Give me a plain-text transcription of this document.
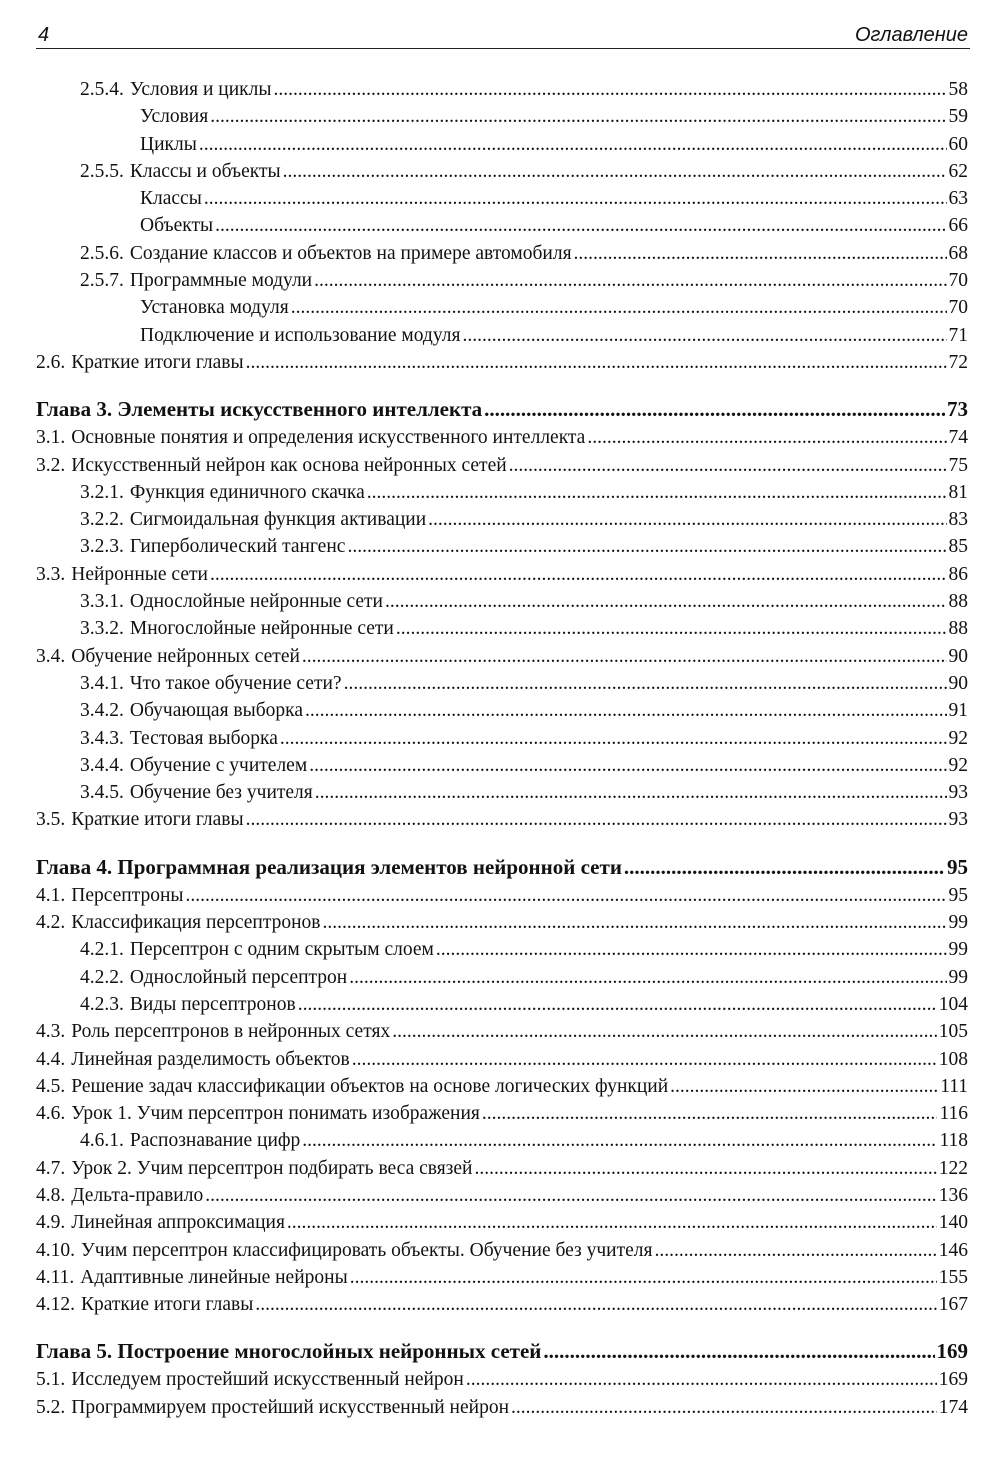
4	Оглавление
2.5.4. Условия и циклы .....	58
Условия .....	59
Циклы .....	60
2.5.5. Классы и объекты .....	62
Классы .....	63
Объекты .....	66
2.5.6. Создание классов и объектов на примере автомобиля .....	68
2.5.7. Программные модули .....	70
Установка модуля .....	70
Подключение и использование модуля .....	71
2.6. Краткие итоги главы .....	72
Глава 3. Элементы искусственного интеллекта .....	73
3.1. Основные понятия и определения искусственного интеллекта .....	74
3.2. Искусственный нейрон как основа нейронных сетей .....	75
3.2.1. Функция единичного скачка .....	81
3.2.2. Сигмоидальная функция активации .....	83
3.2.3. Гиперболический тангенс .....	85
3.3. Нейронные сети .....	86
3.3.1. Однослойные нейронные сети .....	88
3.3.2. Многослойные нейронные сети .....	88
3.4. Обучение нейронных сетей .....	90
3.4.1. Что такое обучение сети? .....	90
3.4.2. Обучающая выборка .....	91
3.4.3. Тестовая выборка .....	92
3.4.4. Обучение с учителем .....	92
3.4.5. Обучение без учителя .....	93
3.5. Краткие итоги главы .....	93
Глава 4. Программная реализация элементов нейронной сети .....	95
4.1. Персептроны .....	95
4.2. Классификация персептронов .....	99
4.2.1. Персептрон с одним скрытым слоем .....	99
4.2.2. Однослойный персептрон .....	99
4.2.3. Виды персептронов .....	104
4.3. Роль персептронов в нейронных сетях .....	105
4.4. Линейная разделимость объектов .....	108
4.5. Решение задач классификации объектов на основе логических функций .....	111
4.6. Урок 1. Учим персептрон понимать изображения .....	116
4.6.1. Распознавание цифр .....	118
4.7. Урок 2. Учим персептрон подбирать веса связей .....	122
4.8. Дельта-правило .....	136
4.9. Линейная аппроксимация .....	140
4.10. Учим персептрон классифицировать объекты. Обучение без учителя .....	146
4.11. Адаптивные линейные нейроны .....	155
4.12. Краткие итоги главы .....	167
Глава 5. Построение многослойных нейронных сетей .....	169
5.1. Исследуем простейший искусственный нейрон .....	169
5.2. Программируем простейший искусственный нейрон .....	174
